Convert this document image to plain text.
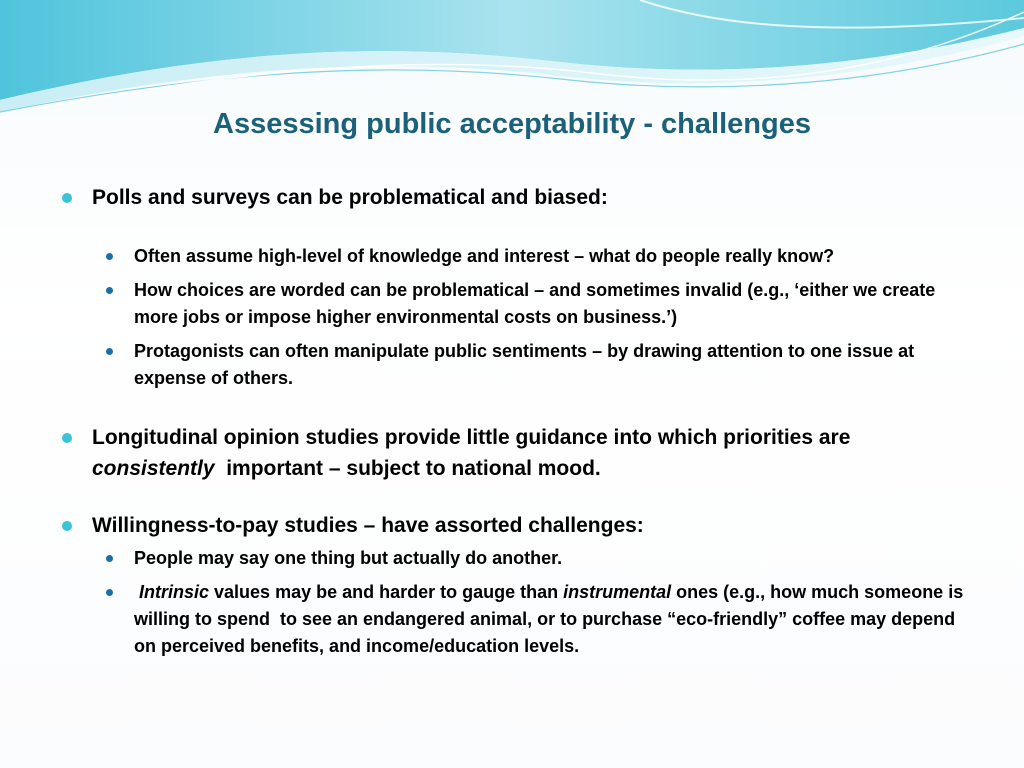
Assessing public acceptability - challenges
Polls and surveys can be problematical and biased:
Often assume high-level of knowledge and interest – what do people really know?
How choices are worded can be problematical – and sometimes invalid (e.g., ‘either we create more jobs or impose higher environmental costs on business.’)
Protagonists can often manipulate public sentiments – by drawing attention to one issue at expense of others.
Longitudinal opinion studies provide little guidance into which priorities are consistently  important – subject to national mood.
Willingness-to-pay studies – have assorted challenges:
People may say one thing but actually do another.
Intrinsic values may be and harder to gauge than instrumental ones (e.g., how much someone is willing to spend  to see an endangered animal, or to purchase “eco-friendly” coffee may depend on perceived benefits, and income/education levels.
